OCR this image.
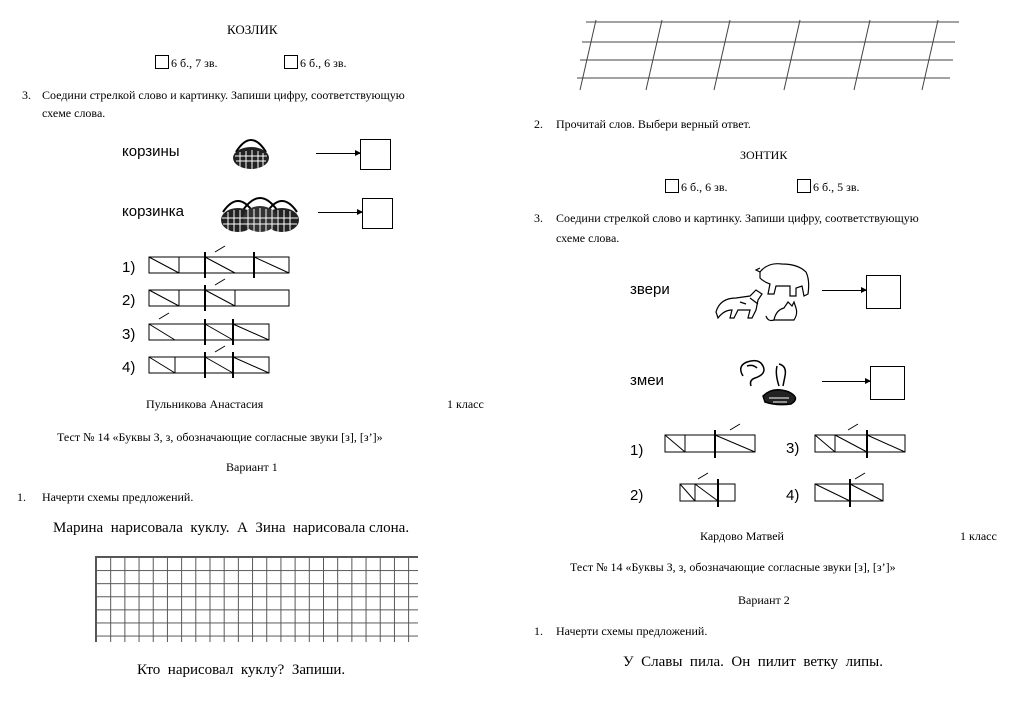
КОЗЛИК
6 б., 7 зв.	6 б., 6 зв.
3. Соедини стрелкой слово и картинку. Запиши цифру, соответствующую
схеме слова.
корзины
корзинка
1)
2)
3)
4)
Пульникова Анастасия	1 класс
Тест № 14 «Буквы З, з, обозначающие согласные звуки [з], [з’]»
Вариант 1
1. Начерти схемы предложений.
Марина  нарисовала  куклу.  А  Зина  нарисовала слона.
Кто  нарисовал  куклу?  Запиши.
2. Прочитай слов. Выбери верный ответ.
ЗОНТИК
6 б., 6 зв.	6 б., 5 зв.
3. Соедини стрелкой слово и картинку. Запиши цифру, соответствующую
схеме слова.
звери
змеи
1)
2)
3)
4)
Кардово Матвей	1 класс
Тест № 14 «Буквы З, з, обозначающие согласные звуки [з], [з’]»
Вариант 2
1. Начерти схемы предложений.
У  Славы  пила.  Он  пилит  ветку  липы.
